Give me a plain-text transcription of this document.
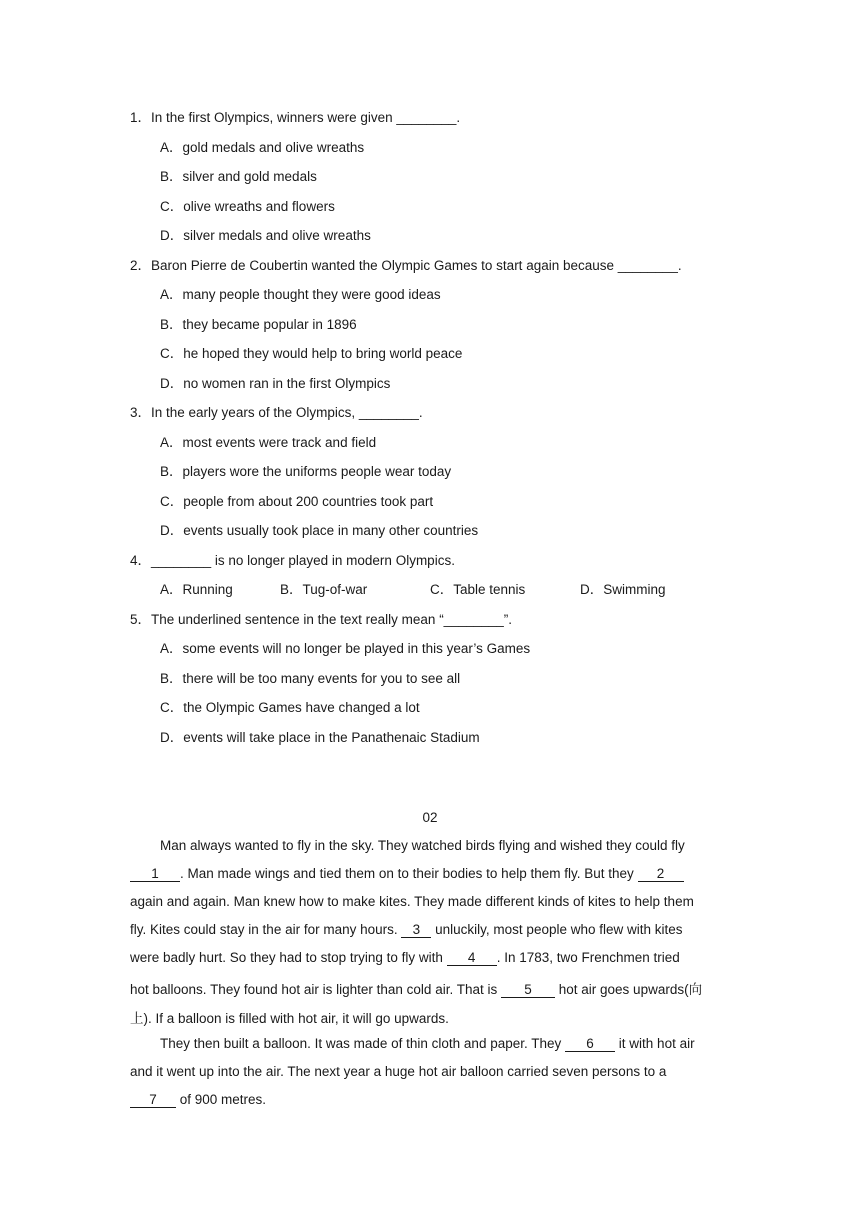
1．In the first Olympics, winners were given ________.
A．gold medals and olive wreaths
B．silver and gold medals
C．olive wreaths and flowers
D．silver medals and olive wreaths
2．Baron Pierre de Coubertin wanted the Olympic Games to start again because ________.
A．many people thought they were good ideas
B．they became popular in 1896
C．he hoped they would help to bring world peace
D．no women ran in the first Olympics
3．In the early years of the Olympics, ________.
A．most events were track and field
B．players wore the uniforms people wear today
C．people from about 200 countries took part
D．events usually took place in many other countries
4．________ is no longer played in modern Olympics.
A．Running	B．Tug-of-war	C．Table tennis	D．Swimming
5．The underlined sentence in the text really mean “________”.
A．some events will no longer be played in this year’s Games
B．there will be too many events for you to see all
C．the Olympic Games have changed a lot
D．events will take place in the Panathenaic Stadium
02
Man always wanted to fly in the sky. They watched birds flying and wished they could fly
1 . Man made wings and tied them on to their bodies to help them fly. But they 2
again and again. Man knew how to make kites. They made different kinds of kites to help them
fly. Kites could stay in the air for many hours. 3 unluckily, most people who flew with kites
were badly hurt. So they had to stop trying to fly with 4 . In 1783, two Frenchmen tried
hot balloons. They found hot air is lighter than cold air. That is 5 hot air goes upwards(向
上). If a balloon is filled with hot air, it will go upwards.
They then built a balloon. It was made of thin cloth and paper. They 6 it with hot air
and it went up into the air. The next year a huge hot air balloon carried seven persons to a
7 of 900 metres.
